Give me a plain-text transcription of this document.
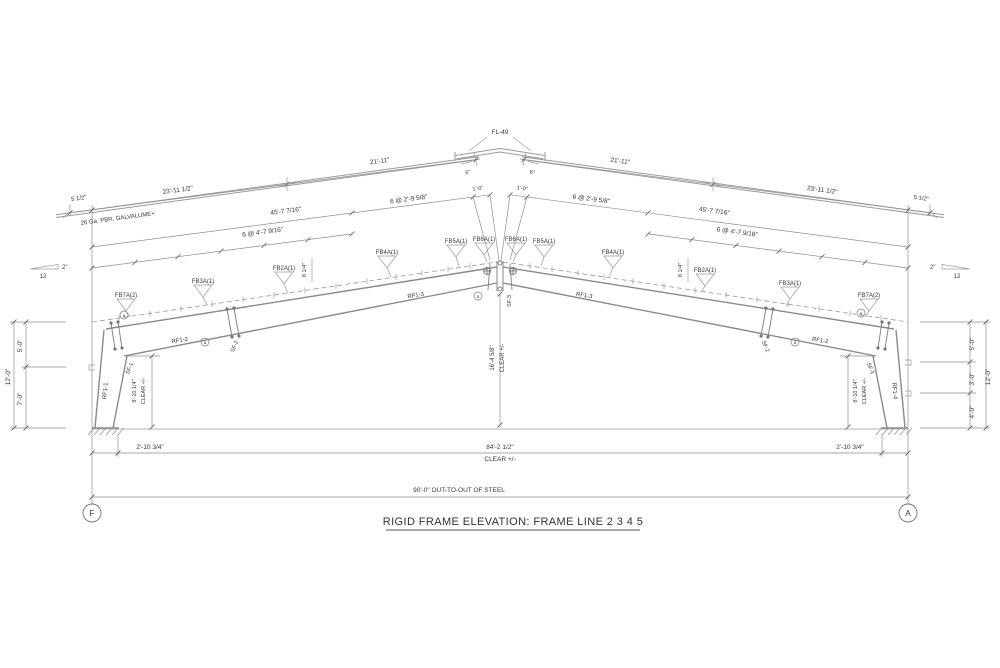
a
a
a
a
a
12
2"
12
2"
5'-0"
7'-0"
12'-0"
5'-0"
3'-0"
4'-0"
12'-0"
16'-4 5/8" CLEAR +/-
8'-10 1/4" CLEAR +/-	8'-10 1/4" CLEAR +/-
2'-10 3/4"	2'-10 3/4"
84'-2 1/2"
CLEAR +/-
90'-0" OUT-TO-OUT OF STEEL
F	A
FL-49
26 Ga. PBR, GALVALUME+
5 1/2"	5 1/2"
23'-11 1/2"	23'-11 1/2"
21'-11"	21'-11"
45'-7 7/16"	45'-7 7/16"
6 @ 2'-9 5/8"	6 @ 2'-9 5/8"
6 @ 4'-7 9/16"	6 @ 4'-7 9/16"
1'-0"	1'-0"
6"	6"
8 1/4"	8 1/4"
FB7A(2)
FB3A(1)
FB2A(1)
FB4A(1)
FB5A(1) FB6A(1) FB6A(1) FB5A(1)
FB4A(1)
FB2A(1)
FB3A(1)
FB7A(2)
RF1-1
RF1-2
RF1-3	RF1-3
RF1-2
RF1-4
SF-1	SF-1
SF-2	SF-2
SF-3
RIGID FRAME ELEVATION: FRAME LINE 2 3 4 5
